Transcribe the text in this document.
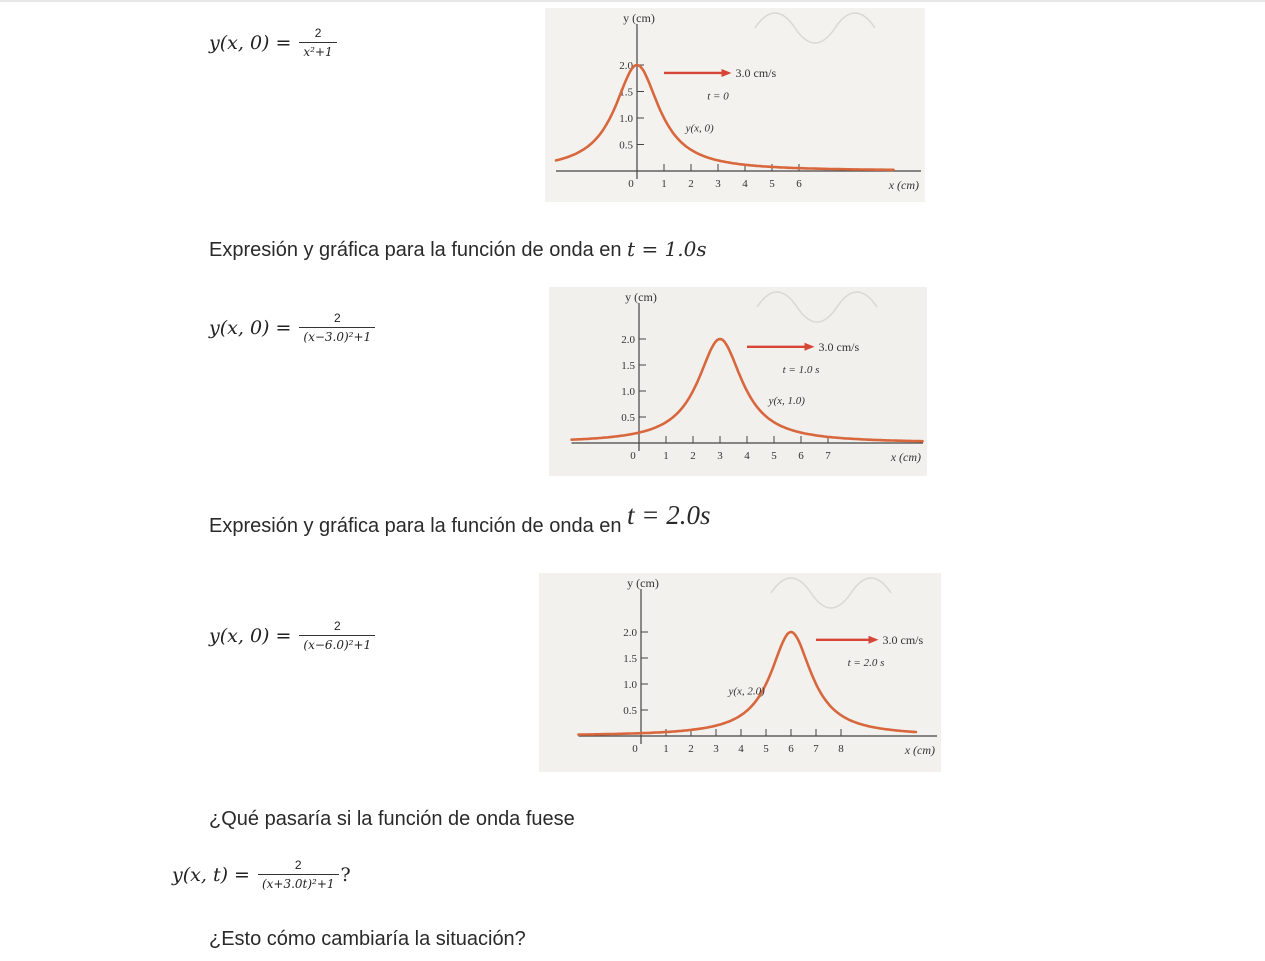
y(x, $0) = \frac{2}{\text{x²+1}}$
y (cm)
x (cm)
2.0
1.5
1.0
0.5
0	1 2 3 4 5 6
3.0 cm/s
t = 0
y(x, 0)
Expresión y gráfica para la función de onda en t = 1.0s
y(x, $0) = \frac{2}{\text{(x−3.0)²+1}}$
y (cm)
x (cm)
2.0
1.5
1.0
0.5
0	1 2 3 4 5 6 7
3.0 cm/s
t = 1.0 s
y(x, 1.0)
Expresión y gráfica para la función de onda en t = 2.0s
y(x, $0) = \frac{2}{\text{(x−6.0)²+1}}$
y (cm)
x (cm)
2.0
1.5
1.0
0.5
0 1 2 3 4 5 6 7 8
3.0 cm/s
t = 2.0 s
y(x, 2.0)
¿Qué pasaría si la función de onda fuese
y(x, $t) = \frac{2}{\text{(x+3.0t)²+1}}$ ?
¿Esto cómo cambiaría la situación?
